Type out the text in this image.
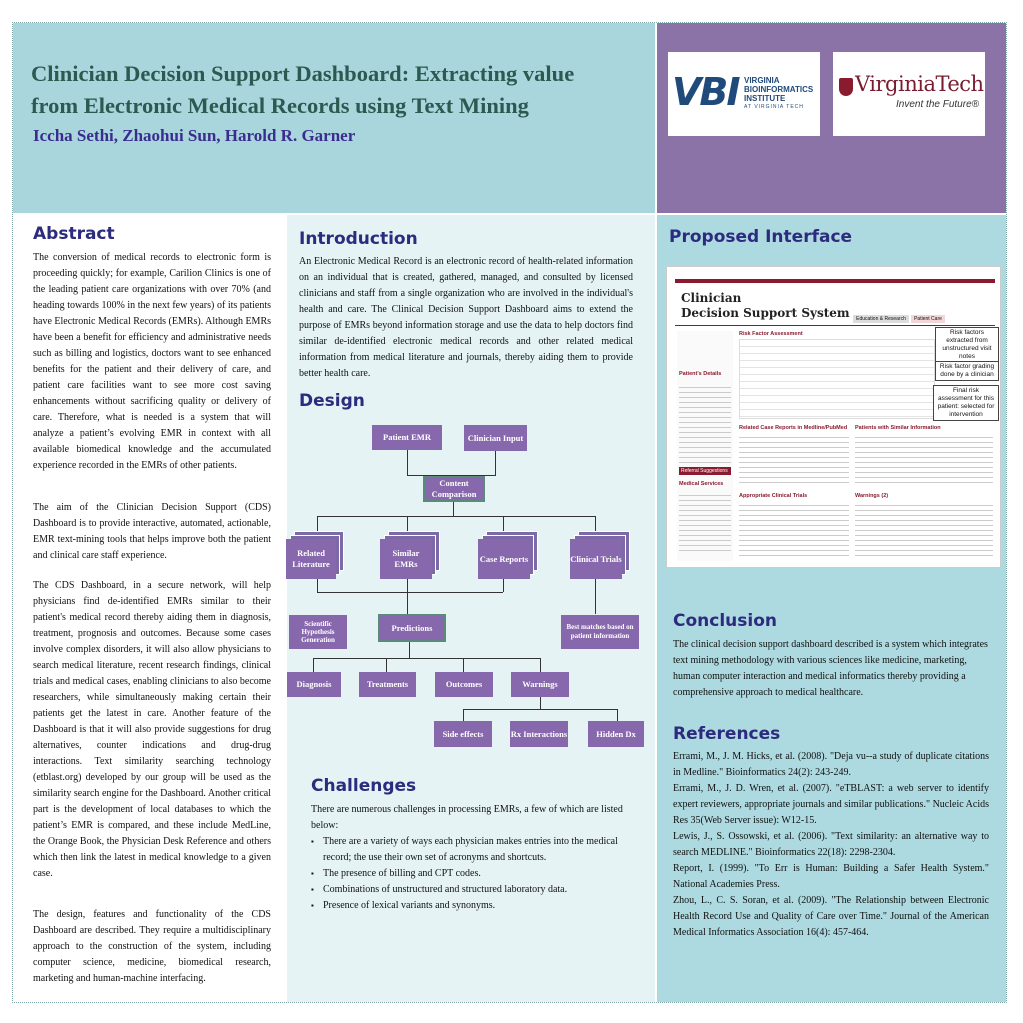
Clinician Decision Support Dashboard: Extracting value
from Electronic Medical Records using Text Mining
Iccha Sethi, Zhaohui Sun, Harold R. Garner
VBI VIRGINIA
BIOINFORMATICS
INSTITUTE
AT VIRGINIA TECH
VirginiaTech
Invent the Future®
Abstract
The conversion of medical records to electronic form is proceeding quickly; for example, Carilion Clinics is one of the leading patient care organizations with over 70% (and heading towards 100% in the next few years) of its patients have Electronic Medical Records (EMRs). Although EMRs have been a benefit for efficiency and administrative needs such as billing and logistics, doctors want to see enhanced benefits for the patient and their delivery of care, and patient care facilities want to see more cost saving enhancements without sacrificing quality or delivery of care. Therefore, what is needed is a system that will analyze a patient’s evolving EMR in context with all available biomedical knowledge and the accumulated experience recorded in the EMRs of other patients.
The aim of the Clinician Decision Support (CDS) Dashboard is to provide interactive, automated, actionable, EMR text-mining tools that helps improve both the patient and clinical care staff experience.
The CDS Dashboard, in a secure network, will help physicians find de-identified EMRs similar to their patient's medical record thereby aiding them in diagnosis, treatment, prognosis and outcomes. Because some cases involve complex disorders, it will also allow physicians to search medical literature, recent research findings, clinical trials and medical cases, enabling clinicians to also become researchers, while simultaneously making certain their patients get the latest in care. Another feature of the Dashboard is that it will also provide suggestions for drug alternatives, counter indications and drug-drug interactions. Text similarity searching technology (etblast.org) developed by our group will be used as the similarity search engine for the Dashboard. Another critical part is the development of local databases to which the patient’s EMR is compared, and these include MedLine, the Orange Book, the Physician Desk Reference and others which then link the latest in medical knowledge to a given case.
The design, features and functionality of the CDS Dashboard are described. They require a multidisciplinary approach to the construction of the system, including computer science, medicine, biomedical research, marketing and human-machine interfacing.
Introduction
An Electronic Medical Record is an electronic record of health-related information on an individual that is created, gathered, managed, and consulted by licensed clinicians and staff from a single organization who are involved in the individual's health and care. The Clinical Decision Support Dashboard aims to extend the purpose of EMRs beyond information storage and use the data to help doctors find similar de-identified electronic medical records and other related medical information from medical literature and journals, thereby aiding them to provide better health care.
Design
Patient EMR	Clinician Input
Content Comparison
Related Literature
Similar EMRs
Case Reports	Clinical Trials
Scientific Hypothesis Generation
Predictions	Best matches based on patient information
Diagnosis	Treatments	Outcomes	Warnings
Side effects	Rx Interactions	Hidden Dx
Challenges
There are numerous challenges in processing EMRs, a few of which are listed below:
▪ There are a variety of ways each physician makes entries into the medical record; the use their own set of acronyms and shortcuts.
▪ The presence of billing and CPT codes.
▪ Combinations of unstructured and structured laboratory data.
▪ Presence of lexical variants and synonyms.
Proposed Interface
Clinician
Decision Support System	Education & Research	Patient Care
Patient's Details
Referral Suggestions >
Medical Services
Risk Factor Assessment
Related Case Reports in Medline/PubMed Patients with Similar Information
Appropriate Clinical Trials	Warnings (2)
Risk factors extracted from unstructured visit notes
Risk factor grading done by a clinician
Final risk assessment for this patient: selected for intervention
Conclusion
The clinical decision support dashboard described is a system which integrates text mining methodology with various sciences like medicine, marketing, human computer interaction and medical informatics thereby providing a comprehensive approach to medical healthcare.
References

Errami, M., J. M. Hicks, et al. (2008). "Deja vu--a study of duplicate citations in Medline." Bioinformatics 24(2): 243-249.

Errami, M., J. D. Wren, et al. (2007). "eTBLAST: a web server to identify expert reviewers, appropriate journals and similar publications." Nucleic Acids Res 35(Web Server issue): W12-15.

Lewis, J., S. Ossowski, et al. (2006). "Text similarity: an alternative way to search MEDLINE." Bioinformatics 22(18): 2298-2304.

Report, I. (1999). "To Err is Human: Building a Safer Health System." National Academies Press.

Zhou, L., C. S. Soran, et al. (2009). "The Relationship between Electronic Health Record Use and Quality of Care over Time." Journal of the American Medical Informatics Association 16(4): 457-464.
